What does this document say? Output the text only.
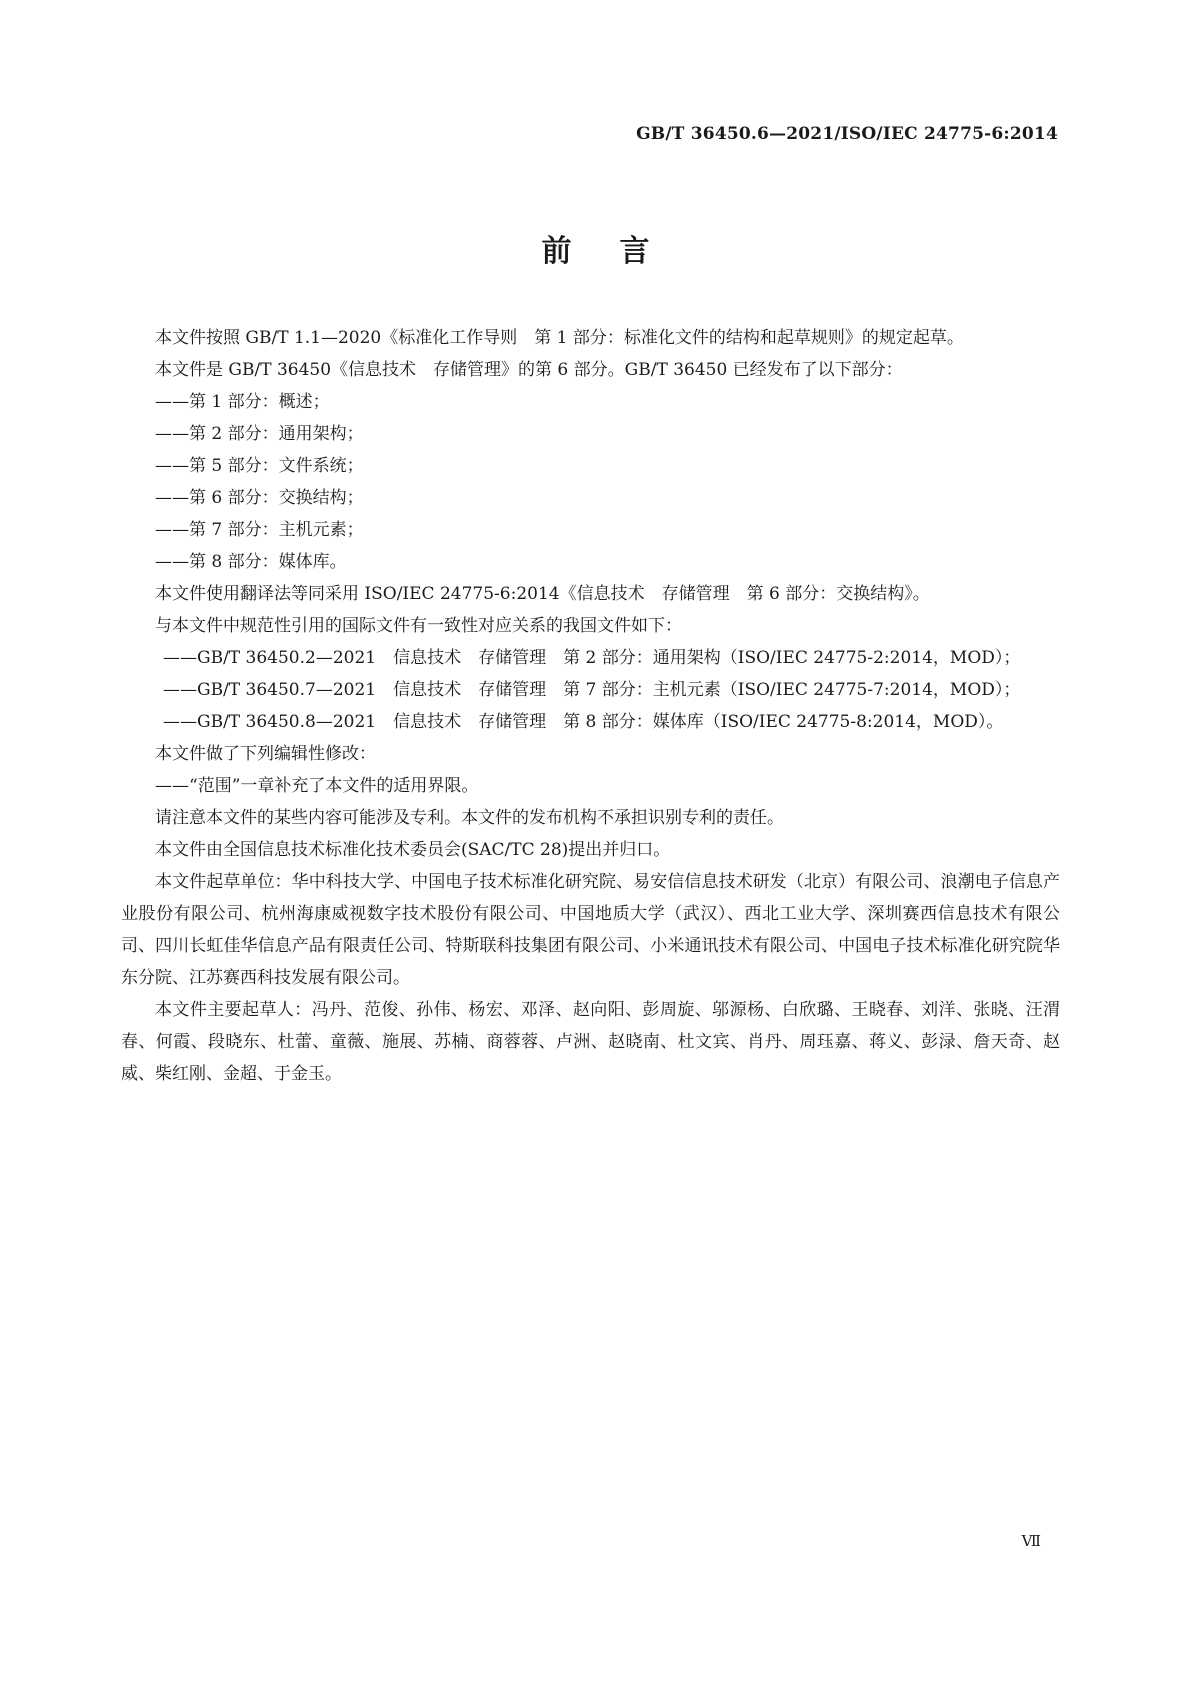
GB/T 36450.6—2021/ISO/IEC 24775-6:2014
前言

本文件按照 GB/T 1.1—2020《标准化工作导则　第 1 部分：标准化文件的结构和起草规则》的规定起草。

本文件是 GB/T 36450《信息技术　存储管理》的第 6 部分。GB/T 36450 已经发布了以下部分：

——第 1 部分：概述；

——第 2 部分：通用架构；

——第 5 部分：文件系统；

——第 6 部分：交换结构；

——第 7 部分：主机元素；

——第 8 部分：媒体库。

本文件使用翻译法等同采用 ISO/IEC 24775-6:2014《信息技术　存储管理　第 6 部分：交换结构》。

与本文件中规范性引用的国际文件有一致性对应关系的我国文件如下：

——GB/T 36450.2—2021　信息技术　存储管理　第 2 部分：通用架构（ISO/IEC 24775-2:2014，MOD）；

——GB/T 36450.7—2021　信息技术　存储管理　第 7 部分：主机元素（ISO/IEC 24775-7:2014，MOD）；

——GB/T 36450.8—2021　信息技术　存储管理　第 8 部分：媒体库（ISO/IEC 24775-8:2014，MOD）。

本文件做了下列编辑性修改：

——“范围”一章补充了本文件的适用界限。

请注意本文件的某些内容可能涉及专利。本文件的发布机构不承担识别专利的责任。

本文件由全国信息技术标准化技术委员会(SAC/TC 28)提出并归口。

本文件起草单位：华中科技大学、中国电子技术标准化研究院、易安信信息技术研发（北京）有限公司、浪潮电子信息产业股份有限公司、杭州海康威视数字技术股份有限公司、中国地质大学（武汉）、西北工业大学、深圳赛西信息技术有限公司、四川长虹佳华信息产品有限责任公司、特斯联科技集团有限公司、小米通讯技术有限公司、中国电子技术标准化研究院华东分院、江苏赛西科技发展有限公司。

本文件主要起草人：冯丹、范俊、孙伟、杨宏、邓泽、赵向阳、彭周旋、邬源杨、白欣璐、王晓春、刘洋、张晓、汪渭春、何霞、段晓东、杜蕾、童薇、施展、苏楠、商蓉蓉、卢洲、赵晓南、杜文宾、肖丹、周珏嘉、蒋义、彭渌、詹天奇、赵威、柴红刚、金超、于金玉。

Ⅶ
